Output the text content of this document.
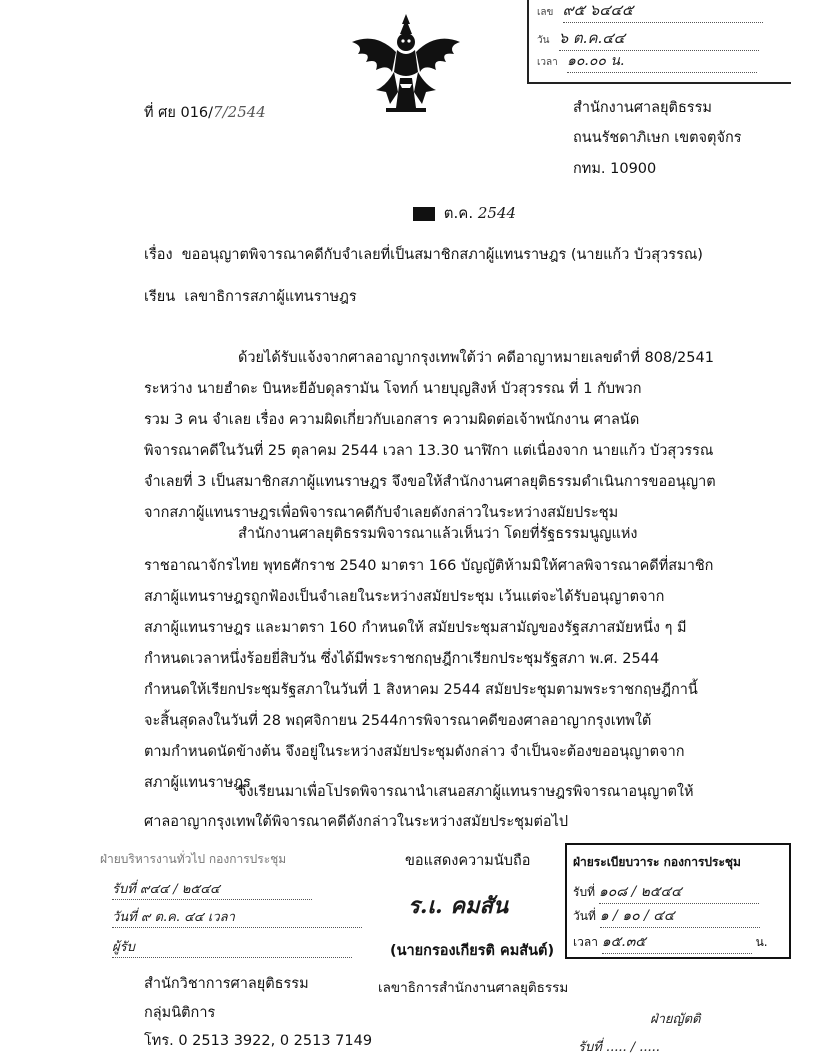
เลข ๙๕ ๖๔๔๕
วัน ๖ ต.ค.๔๔
เวลา ๑๐.๐๐ น.
ที่ ศย 016/7/2544	สำนักงานศาลยุติธรรม
ถนนรัชดาภิเษก เขตจตุจักร
กทม. 10900
ต.ค. 2544
เรื่อง ขออนุญาตพิจารณาคดีกับจำเลยที่เป็นสมาชิกสภาผู้แทนราษฎร (นายแก้ว บัวสุวรรณ)
เรียน เลขาธิการสภาผู้แทนราษฎร
ด้วยได้รับแจ้งจากศาลอาญากรุงเทพใต้ว่า คดีอาญาหมายเลขดำที่ 808/2541
ระหว่าง นายฮำดะ บินหะยีอับดุลรามัน โจทก์ นายบุญสิงห์ บัวสุวรรณ ที่ 1 กับพวก
รวม 3 คน จำเลย เรื่อง ความผิดเกี่ยวกับเอกสาร ความผิดต่อเจ้าพนักงาน ศาลนัด
พิจารณาคดีในวันที่ 25 ตุลาคม 2544 เวลา 13.30 นาฬิกา แต่เนื่องจาก นายแก้ว บัวสุวรรณ
จำเลยที่ 3 เป็นสมาชิกสภาผู้แทนราษฎร จึงขอให้สำนักงานศาลยุติธรรมดำเนินการขออนุญาต
จากสภาผู้แทนราษฎรเพื่อพิจารณาคดีกับจำเลยดังกล่าวในระหว่างสมัยประชุม
สำนักงานศาลยุติธรรมพิจารณาแล้วเห็นว่า โดยที่รัฐธรรมนูญแห่ง
ราชอาณาจักรไทย พุทธศักราช 2540 มาตรา 166 บัญญัติห้ามมิให้ศาลพิจารณาคดีที่สมาชิก
สภาผู้แทนราษฎรถูกฟ้องเป็นจำเลยในระหว่างสมัยประชุม เว้นแต่จะได้รับอนุญาตจาก
สภาผู้แทนราษฎร และมาตรา 160 กำหนดให้ สมัยประชุมสามัญของรัฐสภาสมัยหนึ่ง ๆ มี
กำหนดเวลาหนึ่งร้อยยี่สิบวัน ซึ่งได้มีพระราชกฤษฎีกาเรียกประชุมรัฐสภา พ.ศ. 2544
กำหนดให้เรียกประชุมรัฐสภาในวันที่ 1 สิงหาคม 2544 สมัยประชุมตามพระราชกฤษฎีกานี้
จะสิ้นสุดลงในวันที่ 28 พฤศจิกายน 2544การพิจารณาคดีของศาลอาญากรุงเทพใต้
ตามกำหนดนัดข้างต้น จึงอยู่ในระหว่างสมัยประชุมดังกล่าว จำเป็นจะต้องขออนุญาตจาก
สภาผู้แทนราษฎร
จึงเรียนมาเพื่อโปรดพิจารณานำเสนอสภาผู้แทนราษฎรพิจารณาอนุญาตให้
ศาลอาญากรุงเทพใต้พิจารณาคดีดังกล่าวในระหว่างสมัยประชุมต่อไป
ฝ่ายบริหารงานทั่วไป กองการประชุม
รับที่ ๙๔๔ / ๒๕๔๔
วันที่ ๙ ต.ค. ๔๔ เวลา
ผู้รับ
ขอแสดงความนับถือ
ร.เ. คมสัน
(นายกรองเกียรติ คมสันต์)
เลขาธิการสำนักงานศาลยุติธรรม
ฝ่ายระเบียบวาระ กองการประชุม
รับที่ ๑๐๘ / ๒๕๔๔
วันที่ ๑ / ๑๐ / ๔๔
เวลา ๑๕.๓๕	น.
สำนักวิชาการศาลยุติธรรม
กลุ่มนิติการ
โทร. 0 2513 3922, 0 2513 7149
ฝ่ายญัตติ
รับที่ ..... / .....
